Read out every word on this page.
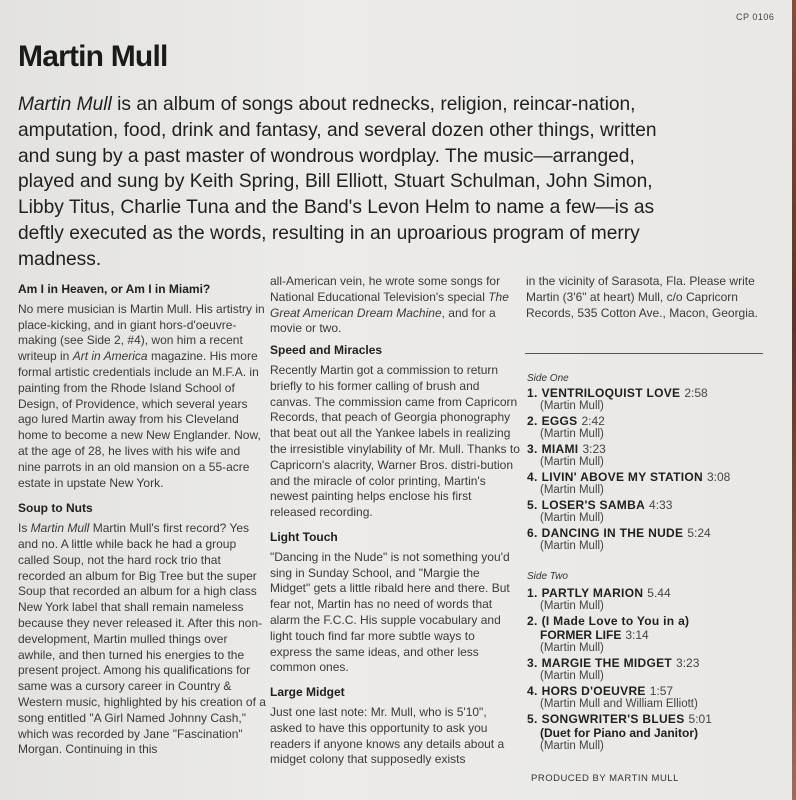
CP 0106
Martin Mull
Martin Mull is an album of songs about rednecks, religion, reincar-nation, amputation, food, drink and fantasy, and several dozen other things, written and sung by a past master of wondrous wordplay. The music—arranged, played and sung by Keith Spring, Bill Elliott, Stuart Schulman, John Simon, Libby Titus, Charlie Tuna and the Band's Levon Helm to name a few—is as deftly executed as the words, resulting in an uproarious program of merry madness.
Am I in Heaven, or Am I in Miami?

No mere musician is Martin Mull. His artistry in place-kicking, and in giant hors-d'oeuvre-making (see Side 2, #4), won him a recent writeup in Art in America magazine. His more formal artistic credentials include an M.F.A. in painting from the Rhode Island School of Design, of Providence, which several years ago lured Martin away from his Cleveland home to become a new New Englander. Now, at the age of 28, he lives with his wife and nine parrots in an old mansion on a 55-acre estate in upstate New York.

Soup to Nuts

Is Martin Mull Martin Mull's first record? Yes and no. A little while back he had a group called Soup, not the hard rock trio that recorded an album for Big Tree but the super Soup that recorded an album for a high class New York label that shall remain nameless because they never released it. After this non-development, Martin mulled things over awhile, and then turned his energies to the present project. Among his qualifications for same was a cursory career in Country & Western music, highlighted by his creation of a song entitled "A Girl Named Johnny Cash," which was recorded by Jane "Fascination" Morgan. Continuing in this

all-American vein, he wrote some songs for National Educational Television's special The Great American Dream Machine, and for a movie or two.

Speed and Miracles

Recently Martin got a commission to return briefly to his former calling of brush and canvas. The commission came from Capricorn Records, that peach of Georgia phonography that beat out all the Yankee labels in realizing the irresistible vinylability of Mr. Mull. Thanks to Capricorn's alacrity, Warner Bros. distri-bution and the miracle of color printing, Martin's newest painting helps enclose his first released recording.

Light Touch

"Dancing in the Nude" is not something you'd sing in Sunday School, and "Margie the Midget" gets a little ribald here and there. But fear not, Martin has no need of words that alarm the F.C.C. His supple vocabulary and light touch find far more subtle ways to express the same ideas, and other less common ones.

Large Midget

Just one last note: Mr. Mull, who is 5'10", asked to have this opportunity to ask you readers if anyone knows any details about a midget colony that supposedly exists

in the vicinity of Sarasota, Fla. Please write Martin (3'6" at heart) Mull, c/o Capricorn Records, 535 Cotton Ave., Macon, Georgia.

Side One
1. VENTRILOQUIST LOVE 2:58
(Martin Mull)
2. EGGS 2:42
(Martin Mull)
3. MIAMI 3:23
(Martin Mull)
4. LIVIN' ABOVE MY STATION 3:08
(Martin Mull)
5. LOSER'S SAMBA 4:33
(Martin Mull)
6. DANCING IN THE NUDE 5:24
(Martin Mull)
Side Two
1. PARTLY MARION 5.44
(Martin Mull)
2. (I Made Love to You in a)
FORMER LIFE 3:14
(Martin Mull)
3. MARGIE THE MIDGET 3:23
(Martin Mull)
4. HORS D'OEUVRE 1:57
(Martin Mull and William Elliott)
5. SONGWRITER'S BLUES 5:01
(Duet for Piano and Janitor)
(Martin Mull)
PRODUCED BY MARTIN MULL
